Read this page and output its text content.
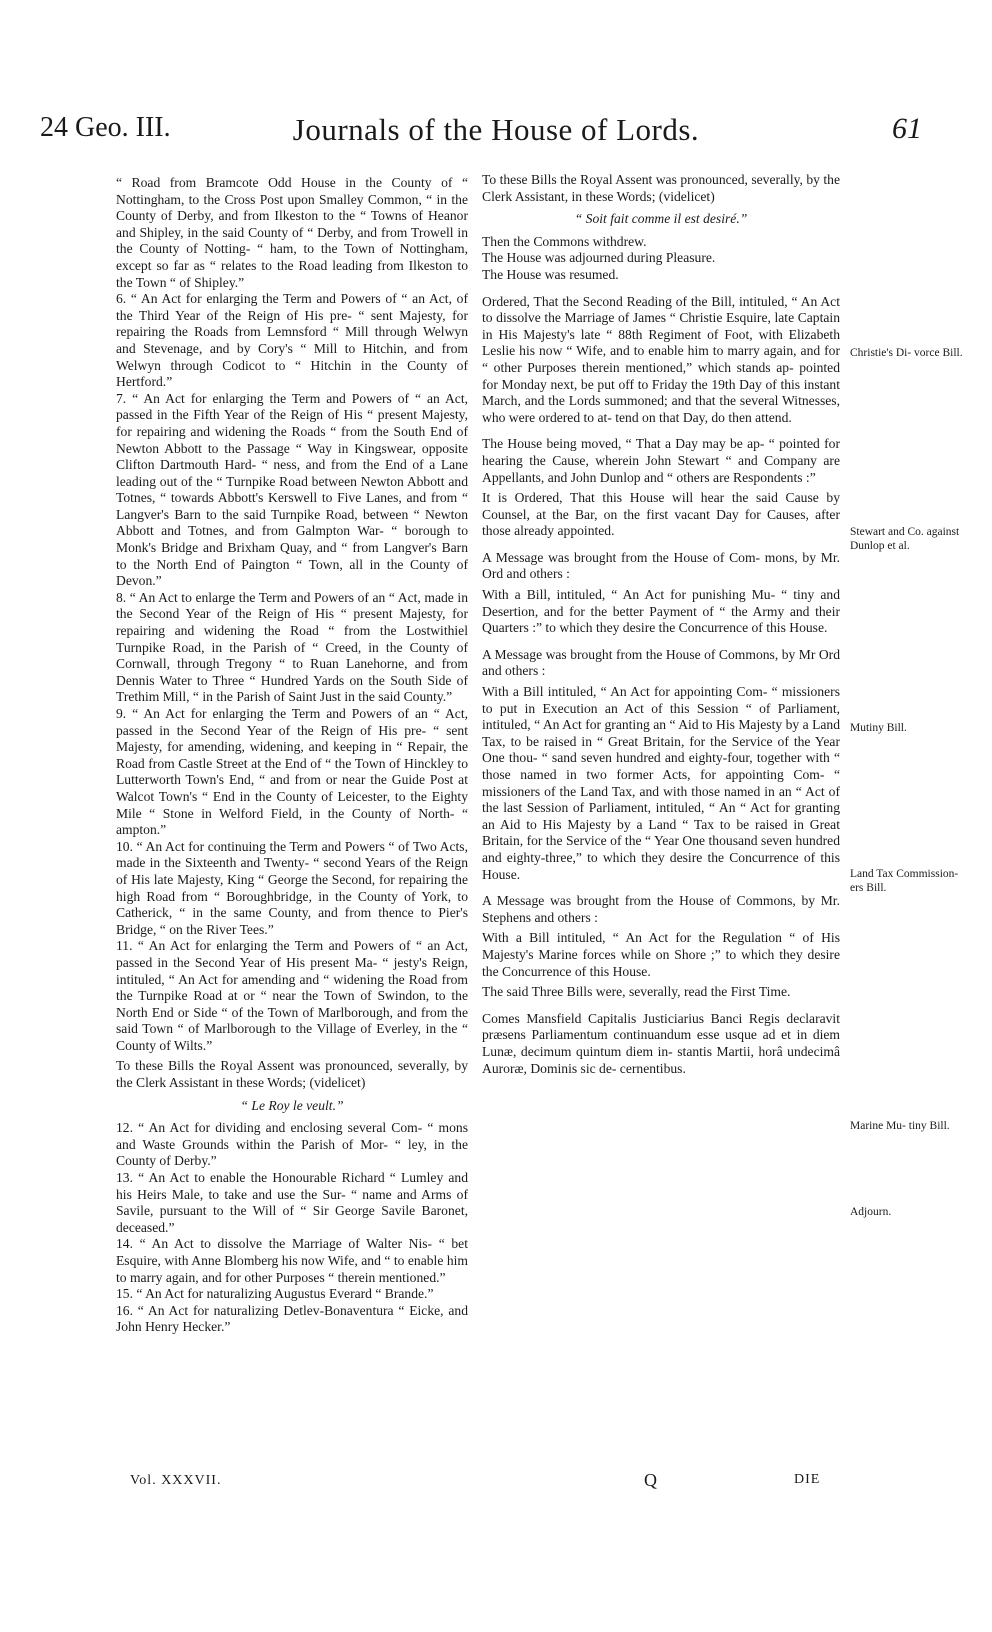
24 Geo. III.	Journals of the House of Lords.	61

“ Road from Bramcote Odd House in the County of “ Nottingham, to the Cross Post upon Smalley Common, “ in the County of Derby, and from Ilkeston to the “ Towns of Heanor and Shipley, in the said County of “ Derby, and from Trowell in the County of Notting- “ ham, to the Town of Nottingham, except so far as “ relates to the Road leading from Ilkeston to the Town “ of Shipley.”

6. “ An Act for enlarging the Term and Powers of “ an Act, of the Third Year of the Reign of His pre- “ sent Majesty, for repairing the Roads from Lemnsford “ Mill through Welwyn and Stevenage, and by Cory's “ Mill to Hitchin, and from Welwyn through Codicot to “ Hitchin in the County of Hertford.”

7. “ An Act for enlarging the Term and Powers of “ an Act, passed in the Fifth Year of the Reign of His “ present Majesty, for repairing and widening the Roads “ from the South End of Newton Abbott to the Passage “ Way in Kingswear, opposite Clifton Dartmouth Hard- “ ness, and from the End of a Lane leading out of the “ Turnpike Road between Newton Abbott and Totnes, “ towards Abbott's Kerswell to Five Lanes, and from “ Langver's Barn to the said Turnpike Road, between “ Newton Abbott and Totnes, and from Galmpton War- “ borough to Monk's Bridge and Brixham Quay, and “ from Langver's Barn to the North End of Paington “ Town, all in the County of Devon.”

8. “ An Act to enlarge the Term and Powers of an “ Act, made in the Second Year of the Reign of His “ present Majesty, for repairing and widening the Road “ from the Lostwithiel Turnpike Road, in the Parish of “ Creed, in the County of Cornwall, through Tregony “ to Ruan Lanehorne, and from Dennis Water to Three “ Hundred Yards on the South Side of Trethim Mill, “ in the Parish of Saint Just in the said County.”

9. “ An Act for enlarging the Term and Powers of an “ Act, passed in the Second Year of the Reign of His pre- “ sent Majesty, for amending, widening, and keeping in “ Repair, the Road from Castle Street at the End of “ the Town of Hinckley to Lutterworth Town's End, “ and from or near the Guide Post at Walcot Town's “ End in the County of Leicester, to the Eighty Mile “ Stone in Welford Field, in the County of North- “ ampton.”

10. “ An Act for continuing the Term and Powers “ of Two Acts, made in the Sixteenth and Twenty- “ second Years of the Reign of His late Majesty, King “ George the Second, for repairing the high Road from “ Boroughbridge, in the County of York, to Catherick, “ in the same County, and from thence to Pier's Bridge, “ on the River Tees.”

11. “ An Act for enlarging the Term and Powers of “ an Act, passed in the Second Year of His present Ma- “ jesty's Reign, intituled, “ An Act for amending and “ widening the Road from the Turnpike Road at or “ near the Town of Swindon, to the North End or Side “ of the Town of Marlborough, and from the said Town “ of Marlborough to the Village of Everley, in the “ County of Wilts.”

To these Bills the Royal Assent was pronounced, severally, by the Clerk Assistant in these Words; (videlicet)

“ Le Roy le veult.”

12. “ An Act for dividing and enclosing several Com- “ mons and Waste Grounds within the Parish of Mor- “ ley, in the County of Derby.”

13. “ An Act to enable the Honourable Richard “ Lumley and his Heirs Male, to take and use the Sur- “ name and Arms of Savile, pursuant to the Will of “ Sir George Savile Baronet, deceased.”

14. “ An Act to dissolve the Marriage of Walter Nis- “ bet Esquire, with Anne Blomberg his now Wife, and “ to enable him to marry again, and for other Purposes “ therein mentioned.”

15. “ An Act for naturalizing Augustus Everard “ Brande.”

16. “ An Act for naturalizing Detlev-Bonaventura “ Eicke, and John Henry Hecker.”

To these Bills the Royal Assent was pronounced, severally, by the Clerk Assistant, in these Words; (videlicet)

“ Soit fait comme il est desiré.”

Then the Commons withdrew.

The House was adjourned during Pleasure.

The House was resumed.

Ordered, That the Second Reading of the Bill, intituled, “ An Act to dissolve the Marriage of James “ Christie Esquire, late Captain in His Majesty's late “ 88th Regiment of Foot, with Elizabeth Leslie his now “ Wife, and to enable him to marry again, and for “ other Purposes therein mentioned,” which stands ap- pointed for Monday next, be put off to Friday the 19th Day of this instant March, and the Lords summoned; and that the several Witnesses, who were ordered to at- tend on that Day, do then attend.

The House being moved, “ That a Day may be ap- “ pointed for hearing the Cause, wherein John Stewart “ and Company are Appellants, and John Dunlop and “ others are Respondents :”

It is Ordered, That this House will hear the said Cause by Counsel, at the Bar, on the first vacant Day for Causes, after those already appointed.

A Message was brought from the House of Com- mons, by Mr. Ord and others :

With a Bill, intituled, “ An Act for punishing Mu- “ tiny and Desertion, and for the better Payment of “ the Army and their Quarters :” to which they desire the Concurrence of this House.

A Message was brought from the House of Commons, by Mr Ord and others :

With a Bill intituled, “ An Act for appointing Com- “ missioners to put in Execution an Act of this Session “ of Parliament, intituled, “ An Act for granting an “ Aid to His Majesty by a Land Tax, to be raised in “ Great Britain, for the Service of the Year One thou- “ sand seven hundred and eighty-four, together with “ those named in two former Acts, for appointing Com- “ missioners of the Land Tax, and with those named in an “ Act of the last Session of Parliament, intituled, “ An “ Act for granting an Aid to His Majesty by a Land “ Tax to be raised in Great Britain, for the Service of the “ Year One thousand seven hundred and eighty-three,” to which they desire the Concurrence of this House.

A Message was brought from the House of Commons, by Mr. Stephens and others :

With a Bill intituled, “ An Act for the Regulation “ of His Majesty's Marine forces while on Shore ;” to which they desire the Concurrence of this House.

The said Three Bills were, severally, read the First Time.

Comes Mansfield Capitalis Justiciarius Banci Regis declaravit præsens Parliamentum continuandum esse usque ad et in diem Lunæ, decimum quintum diem in- stantis Martii, horâ undecimâ Auroræ, Dominis sic de- cernentibus.

Christie's Di- vorce Bill.
Stewart and Co. against Dunlop et al.
Mutiny Bill.
Land Tax Commission- ers Bill.
Marine Mu- tiny Bill.
Adjourn.
Vol. XXXVII.	Q	DIE
